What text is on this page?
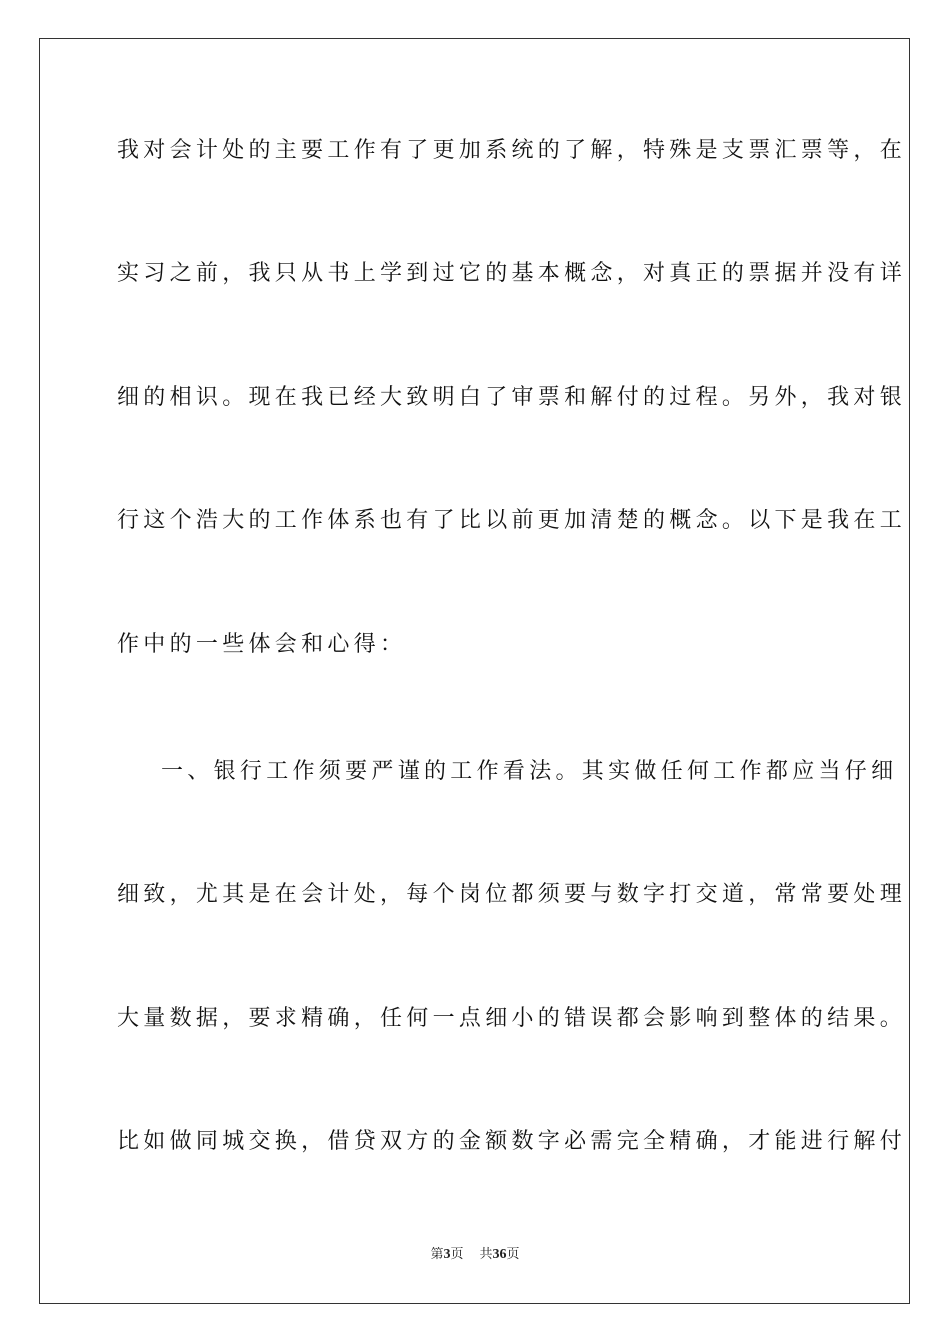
我对会计处的主要工作有了更加系统的了解，特殊是支票汇票等，在
实习之前，我只从书上学到过它的基本概念，对真正的票据并没有详
细的相识。现在我已经大致明白了审票和解付的过程。另外，我对银
行这个浩大的工作体系也有了比以前更加清楚的概念。以下是我在工
作中的一些体会和心得：
一、银行工作须要严谨的工作看法。其实做任何工作都应当仔细
细致，尤其是在会计处，每个岗位都须要与数字打交道，常常要处理
大量数据，要求精确，任何一点细小的错误都会影响到整体的结果。
比如做同城交换，借贷双方的金额数字必需完全精确，才能进行解付
第3页 共36页
